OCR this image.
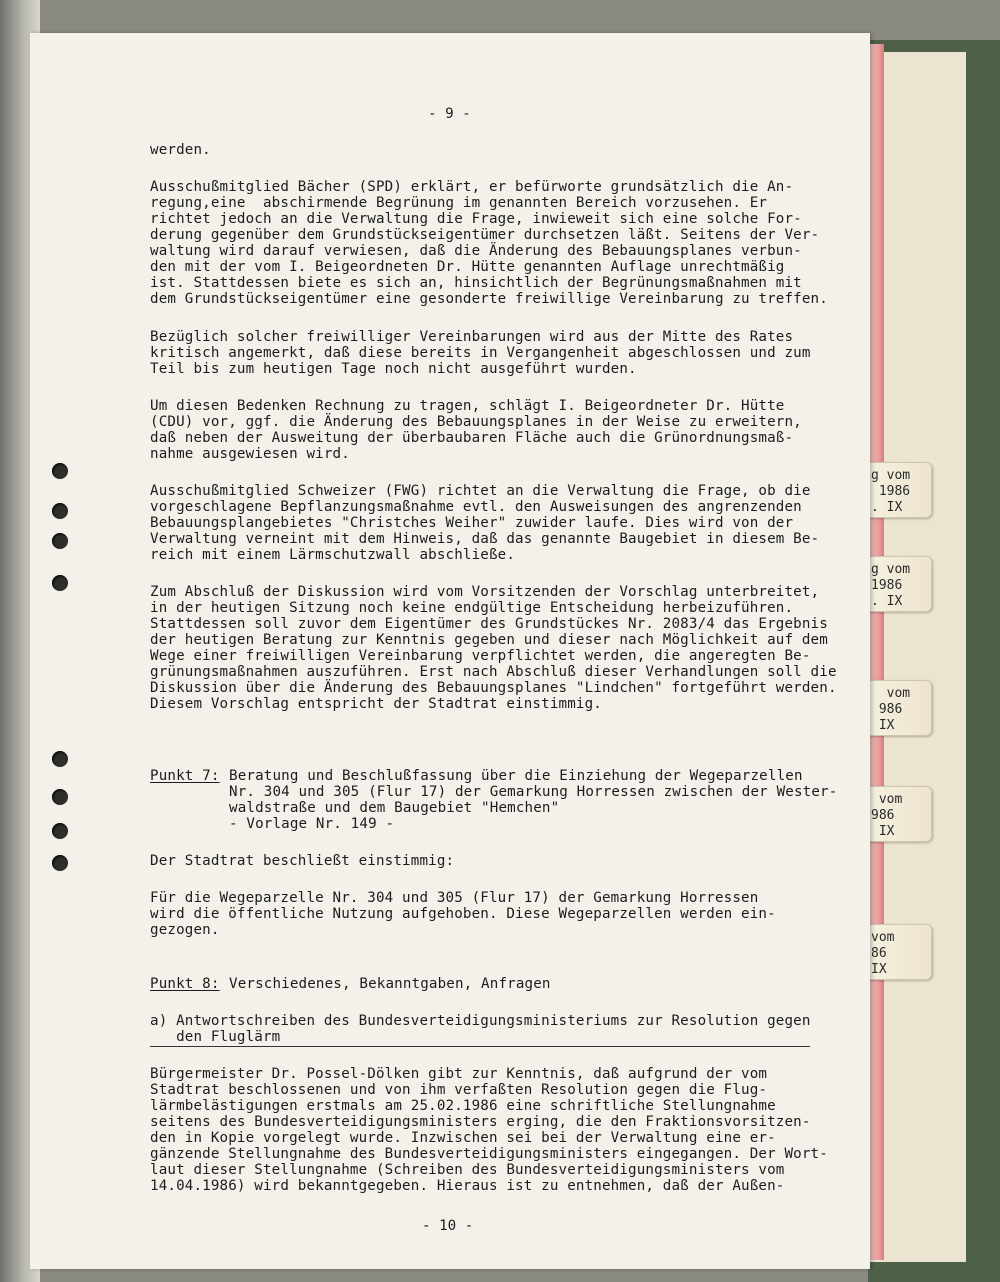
g vom
1986
. IX
g vom
1986
. IX
vom
986
IX
vom
986
IX
vom
86
IX
- 9 -
werden.
Ausschußmitglied Bächer (SPD) erklärt, er befürworte grundsätzlich die An-
regung,eine  abschirmende Begrünung im genannten Bereich vorzusehen. Er
richtet jedoch an die Verwaltung die Frage, inwieweit sich eine solche For-
derung gegenüber dem Grundstückseigentümer durchsetzen läßt. Seitens der Ver-
waltung wird darauf verwiesen, daß die Änderung des Bebauungsplanes verbun-
den mit der vom I. Beigeordneten Dr. Hütte genannten Auflage unrechtmäßig
ist. Stattdessen biete es sich an, hinsichtlich der Begrünungsmaßnahmen mit
dem Grundstückseigentümer eine gesonderte freiwillige Vereinbarung zu treffen.
Bezüglich solcher freiwilliger Vereinbarungen wird aus der Mitte des Rates
kritisch angemerkt, daß diese bereits in Vergangenheit abgeschlossen und zum
Teil bis zum heutigen Tage noch nicht ausgeführt wurden.
Um diesen Bedenken Rechnung zu tragen, schlägt I. Beigeordneter Dr. Hütte
(CDU) vor, ggf. die Änderung des Bebauungsplanes in der Weise zu erweitern,
daß neben der Ausweitung der überbaubaren Fläche auch die Grünordnungsmaß-
nahme ausgewiesen wird.
Ausschußmitglied Schweizer (FWG) richtet an die Verwaltung die Frage, ob die
vorgeschlagene Bepflanzungsmaßnahme evtl. den Ausweisungen des angrenzenden
Bebauungsplangebietes "Christches Weiher" zuwider laufe. Dies wird von der
Verwaltung verneint mit dem Hinweis, daß das genannte Baugebiet in diesem Be-
reich mit einem Lärmschutzwall abschließe.
Zum Abschluß der Diskussion wird vom Vorsitzenden der Vorschlag unterbreitet,
in der heutigen Sitzung noch keine endgültige Entscheidung herbeizuführen.
Stattdessen soll zuvor dem Eigentümer des Grundstückes Nr. 2083/4 das Ergebnis
der heutigen Beratung zur Kenntnis gegeben und dieser nach Möglichkeit auf dem
Wege einer freiwilligen Vereinbarung verpflichtet werden, die angeregten Be-
grünungsmaßnahmen auszuführen. Erst nach Abschluß dieser Verhandlungen soll die
Diskussion über die Änderung des Bebauungsplanes "Lindchen" fortgeführt werden.
Diesem Vorschlag entspricht der Stadtrat einstimmig.
Punkt 7: Beratung und Beschlußfassung über die Einziehung der Wegeparzellen
Nr. 304 und 305 (Flur 17) der Gemarkung Horressen zwischen der Wester-
waldstraße und dem Baugebiet "Hemchen"
- Vorlage Nr. 149 -
Der Stadtrat beschließt einstimmig:
Für die Wegeparzelle Nr. 304 und 305 (Flur 17) der Gemarkung Horressen
wird die öffentliche Nutzung aufgehoben. Diese Wegeparzellen werden ein-
gezogen.
Punkt 8: Verschiedenes, Bekanntgaben, Anfragen
a) Antwortschreiben des Bundesverteidigungsministeriums zur Resolution gegen
den Fluglärm
Bürgermeister Dr. Possel-Dölken gibt zur Kenntnis, daß aufgrund der vom
Stadtrat beschlossenen und von ihm verfaßten Resolution gegen die Flug-
lärmbelästigungen erstmals am 25.02.1986 eine schriftliche Stellungnahme
seitens des Bundesverteidigungsministers erging, die den Fraktionsvorsitzen-
den in Kopie vorgelegt wurde. Inzwischen sei bei der Verwaltung eine er-
gänzende Stellungnahme des Bundesverteidigungsministers eingegangen. Der Wort-
laut dieser Stellungnahme (Schreiben des Bundesverteidigungsministers vom
14.04.1986) wird bekanntgegeben. Hieraus ist zu entnehmen, daß der Außen-
- 10 -
